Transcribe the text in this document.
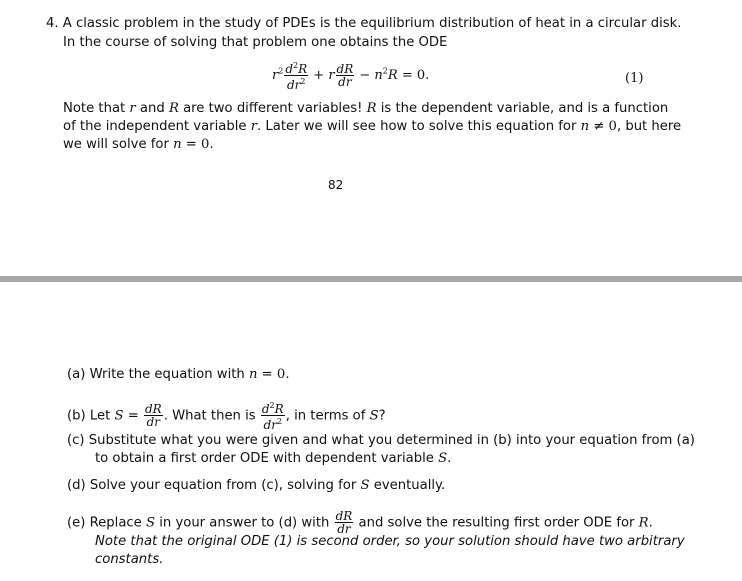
4. A classic problem in the study of PDEs is the equilibrium distribution of heat in a circular disk.
In the course of solving that problem one obtains the ODE
$r^2 \frac{d^2R}{dr^2} + r \frac{dR}{dr} - n^2R = 0$.	(1)
Note that r and R are two different variables! R is the dependent variable, and is a function
of the independent variable r. Later we will see how to solve this equation for n ≠ 0, but here
we will solve for n = 0.
82
(a) Write the equation with n = 0.
(b) Let $S = \frac{dR}{dr}$ . What then is $\frac{d^2R}{dr^2}$ , in terms of S?
(c) Substitute what you were given and what you determined in (b) into your equation from (a)
to obtain a first order ODE with dependent variable S.
(d) Solve your equation from (c), solving for S eventually.
(e) Replace S in your answer to (d) with $\frac{dR}{dr}$ and solve the resulting first order ODE for R.
Note that the original ODE (1) is second order, so your solution should have two arbitrary
constants.
